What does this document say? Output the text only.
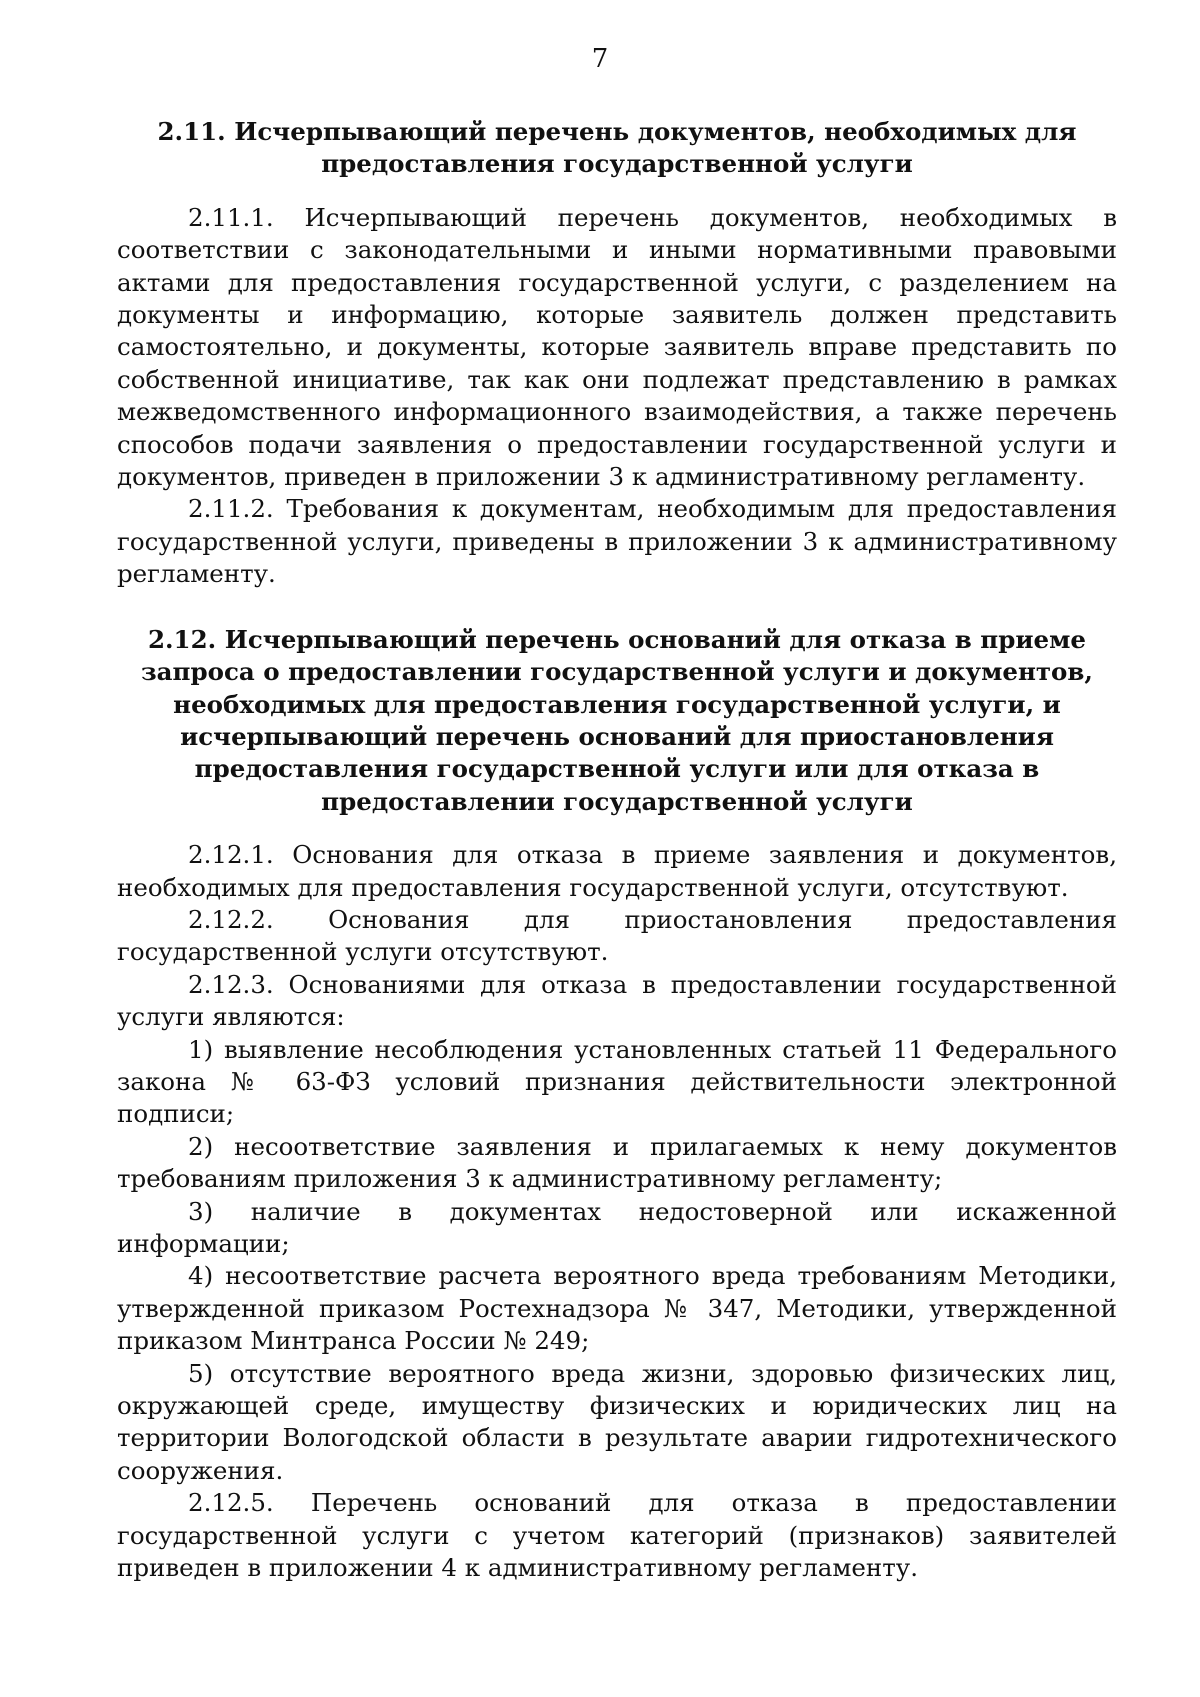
7
2.11. Исчерпывающий перечень документов, необходимых для предоставления государственной услуги

2.11.1. Исчерпывающий перечень документов, необходимых в соответствии с законодательными и иными нормативными правовыми актами для предоставления государственной услуги, с разделением на документы и информацию, которые заявитель должен представить самостоятельно, и документы, которые заявитель вправе представить по собственной инициативе, так как они подлежат представлению в рамках межведомственного информационного взаимодействия, а также перечень способов подачи заявления о предоставлении государственной услуги и документов, приведен в приложении 3 к административному регламенту.

2.11.2. Требования к документам, необходимым для предоставления государственной услуги, приведены в приложении 3 к административному регламенту.

2.12. Исчерпывающий перечень оснований для отказа в приеме запроса о предоставлении государственной услуги и документов, необходимых для предоставления государственной услуги, и исчерпывающий перечень оснований для приостановления предоставления государственной услуги или для отказа в предоставлении государственной услуги

2.12.1. Основания для отказа в приеме заявления и документов, необходимых для предоставления государственной услуги, отсутствуют.

2.12.2. Основания для приостановления предоставления государственной услуги отсутствуют.

2.12.3. Основаниями для отказа в предоставлении государственной услуги являются:

1) выявление несоблюдения установленных статьей 11 Федерального закона № 63-ФЗ условий признания действительности электронной подписи;

2) несоответствие заявления и прилагаемых к нему документов требованиям приложения 3 к административному регламенту;

3) наличие в документах недостоверной или искаженной информации;

4) несоответствие расчета вероятного вреда требованиям Методики, утвержденной приказом Ростехнадзора № 347, Методики, утвержденной приказом Минтранса России № 249;

5) отсутствие вероятного вреда жизни, здоровью физических лиц, окружающей среде, имуществу физических и юридических лиц на территории Вологодской области в результате аварии гидротехнического сооружения.

2.12.5. Перечень оснований для отказа в предоставлении государственной услуги с учетом категорий (признаков) заявителей приведен в приложении 4 к административному регламенту.
